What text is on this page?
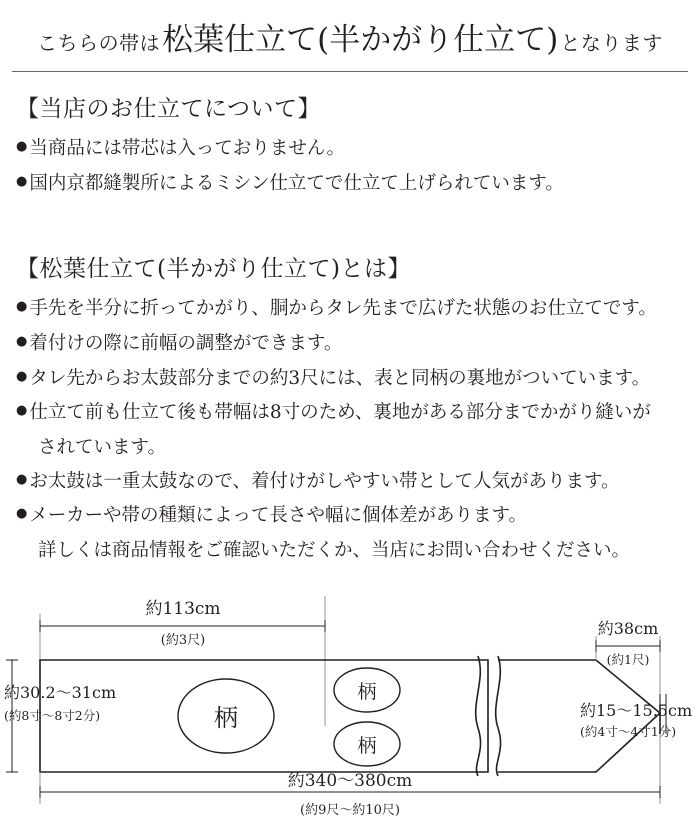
こちらの帯は 松葉仕立て(半かがり仕立て) となります
【当店のお仕立てについて】
● 当商品には帯芯は入っておりません。
● 国内京都縫製所によるミシン仕立てで仕立て上げられています。
【松葉仕立て(半かがり仕立て)とは】
● 手先を半分に折ってかがり、胴からタレ先まで広げた状態のお仕立てです。
● 着付けの際に前幅の調整ができます。
● タレ先からお太鼓部分までの約3尺には、表と同柄の裏地がついています。
● 仕立て前も仕立て後も帯幅は8寸のため、裏地がある部分までかがり縫いが
されています。
● お太鼓は一重太鼓なので、着付けがしやすい帯として人気があります。
● メーカーや帯の種類によって長さや幅に個体差があります。
詳しくは商品情報をご確認いただくか、当店にお問い合わせください。
約113cm
(約3尺)
柄
柄
柄
約30.2〜31cm
(約8寸〜8寸2分)
約38cm
(約1尺)
約15〜15.5cm
(約4寸〜4寸1分)
約340〜380cm
(約9尺〜約10尺)
